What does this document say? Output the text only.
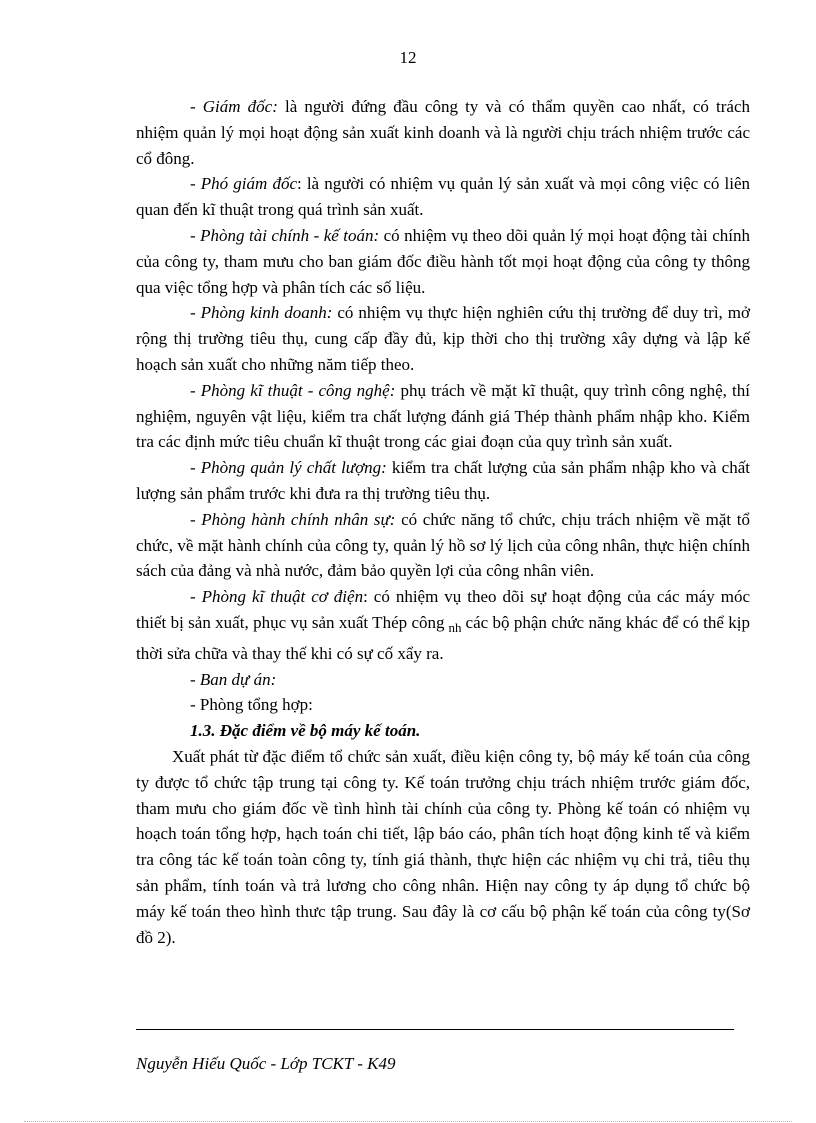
12

- Giám đốc: là người đứng đầu công ty và có thẩm quyền cao nhất, có trách nhiệm quản lý mọi hoạt động sản xuất kinh doanh và là người chịu trách nhiệm trước các cổ đông.

- Phó giám đốc: là người có nhiệm vụ quản lý sản xuất và mọi công việc có liên quan đến kĩ thuật trong quá trình sản xuất.

- Phòng tài chính - kế toán: có nhiệm vụ theo dõi quản lý mọi hoạt động tài chính của công ty, tham mưu cho ban giám đốc điều hành tốt mọi hoạt động của công ty thông qua việc tổng hợp và phân tích các số liệu.

- Phòng kinh doanh: có nhiệm vụ thực hiện nghiên cứu thị trường để duy trì, mở rộng thị trường tiêu thụ, cung cấp đầy đủ, kịp thời cho thị trường xây dựng và lập kế hoạch sản xuất cho những năm tiếp theo.

- Phòng kĩ thuật - công nghệ: phụ trách về mặt kĩ thuật, quy trình công nghệ, thí nghiệm, nguyên vật liệu, kiểm tra chất lượng đánh giá Thép thành phẩm nhập kho. Kiểm tra các định mức tiêu chuẩn kĩ thuật trong các giai đoạn của quy trình sản xuất.

- Phòng quản lý chất lượng: kiểm tra chất lượng của sản phẩm nhập kho và chất lượng sản phẩm trước khi đưa ra thị trường tiêu thụ.

- Phòng hành chính nhân sự: có chức năng tổ chức, chịu trách nhiệm về mặt tổ chức, về mặt hành chính của công ty, quản lý hồ sơ lý lịch của công nhân, thực hiện chính sách của đảng và nhà nước, đảm bảo quyền lợi của công nhân viên.

- Phòng kĩ thuật cơ điện: có nhiệm vụ theo dõi sự hoạt động của các máy móc thiết bị sản xuất, phục vụ sản xuất Thép công $_{nh}$ các bộ phận chức năng khác để có thể kịp thời sửa chữa và thay thế khi có sự cố xẩy ra.

- Ban dự án:

- Phòng tổng hợp:

1.3. Đặc điểm về bộ máy kế toán.

Xuất phát từ đặc điểm tổ chức sản xuất, điều kiện công ty, bộ máy kế toán của công ty được tổ chức tập trung tại công ty. Kế toán trưởng chịu trách nhiệm trước giám đốc, tham mưu cho giám đốc về tình hình tài chính của công ty. Phòng kế toán có nhiệm vụ hoạch toán tổng hợp, hạch toán chi tiết, lập báo cáo, phân tích hoạt động kinh tế và kiểm tra công tác kế toán toàn công ty, tính giá thành, thực hiện các nhiệm vụ chi trả, tiêu thụ sản phẩm, tính toán và trả lương cho công nhân. Hiện nay công ty áp dụng tổ chức bộ máy kế toán theo hình thưc tập trung. Sau đây là cơ cấu bộ phận kế toán của công ty(Sơ đồ 2).

Nguyễn Hiếu Quốc - Lớp TCKT - K49
